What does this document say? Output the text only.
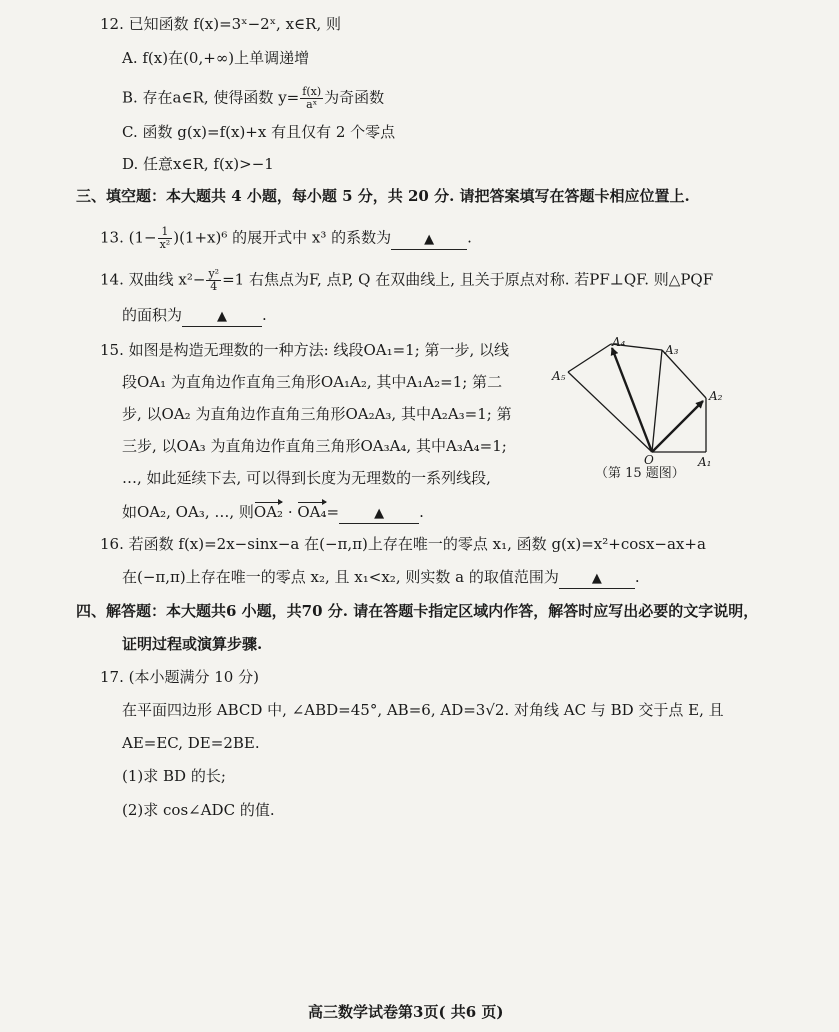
12. 已知函数 f(x)=3ˣ−2ˣ, x∈R, 则
A. f(x)在(0,+∞)上单调递增
B. 存在a∈R, 使得函数 $y= \frac{f(x)}{\text{aˣ}}$ 为奇函数
C. 函数 g(x)=f(x)+x 有且仅有 2 个零点
D. 任意x∈R, f(x)>−1
三、填空题：本大题共 4 小题，每小题 5 分，共 20 分. 请把答案填写在答题卡相应位置上.
13. $(1- \frac{1}{\text{x²}} )(1+x)^6$ 的展开式中 x³ 的系数为	▲ .
14. 双曲线 $x^2- \frac{\text{y²}}{4} =1$ 右焦点为F, 点P, Q 在双曲线上, 且关于原点对称. 若PF⊥QF. 则△PQF
的面积为	▲ .
15. 如图是构造无理数的一种方法: 线段OA₁=1; 第一步, 以线
段OA₁ 为直角边作直角三角形OA₁A₂, 其中A₁A₂=1; 第二
步, 以OA₂ 为直角边作直角三角形OA₂A₃, 其中A₂A₃=1; 第
三步, 以OA₃ 为直角边作直角三角形OA₃A₄, 其中A₃A₄=1;
…, 如此延续下去, 可以得到长度为无理数的一系列线段,
如OA₂, OA₃, …, 则OA₂ · OA₄=	▲ .
O	A₁
A₂
A₃
A₄
A₅
（第 15 题图）
16. 若函数 f(x)=2x−sinx−a 在(−π,π)上存在唯一的零点 x₁, 函数 g(x)=x²+cosx−ax+a
在(−π,π)上存在唯一的零点 x₂, 且 x₁<x₂, 则实数 a 的取值范围为	▲ .
四、解答题：本大题共6 小题，共70 分. 请在答题卡指定区域内作答，解答时应写出必要的文字说明，
证明过程或演算步骤.
17. (本小题满分 10 分)
在平面四边形 ABCD 中, ∠ABD=45°, AB=6, AD=3√2. 对角线 AC 与 BD 交于点 E, 且
AE=EC, DE=2BE.
(1)求 BD 的长;
(2)求 cos∠ADC 的值.
高三数学试卷第3页( 共6 页)
